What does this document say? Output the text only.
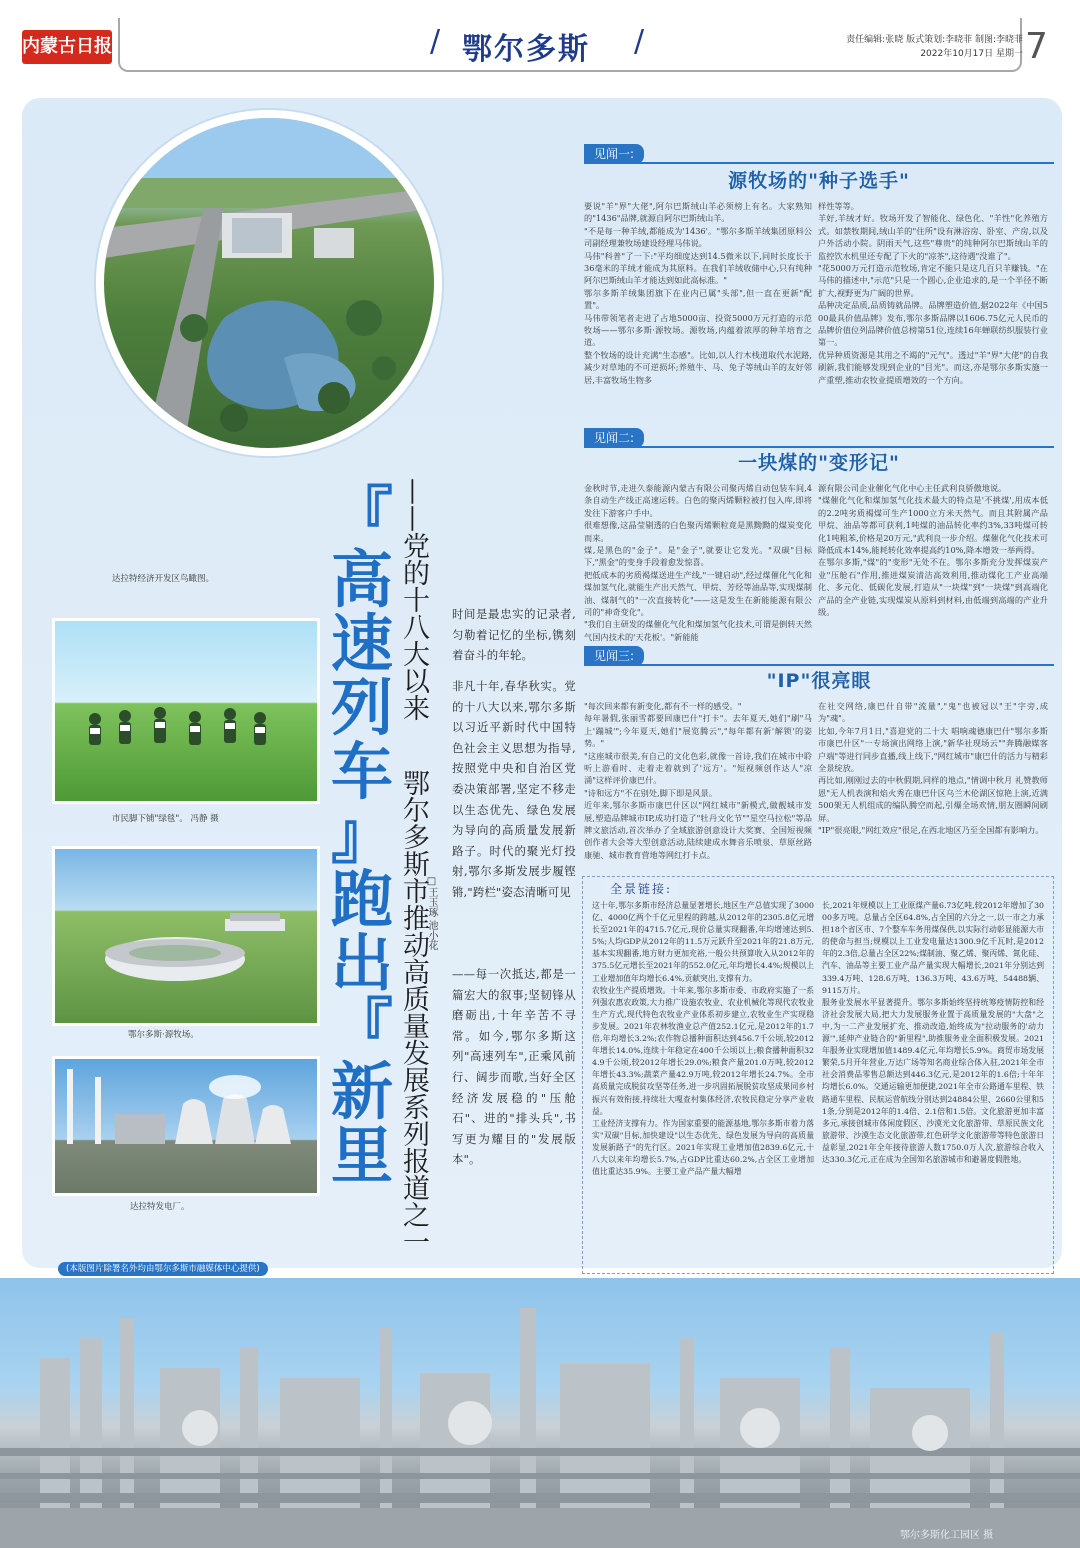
内蒙古日报	/ 鄂尔多斯 /	责任编辑:张晓 版式策划:李晓菲 制图:李晓菲
2022年10月17日 星期一 7
达拉特经济开发区鸟瞰图。
市民脚下铺"绿毯"。 冯静 摄
鄂尔多斯·源牧场。
达拉特发电厂。
『
高
速
列
车
』
跑
出
『
新
里
——党的十八大以来
鄂尔多斯市推动高质量发展系列报道之一
□王玉琢 池小花
时间是最忠实的记录者,匀勒着记忆的坐标,镌刻着奋斗的年轮。
非凡十年,春华秋实。党的十八大以来,鄂尔多斯以习近平新时代中国特色社会主义思想为指导,按照党中央和自治区党委决策部署,坚定不移走以生态优先、绿色发展为导向的高质量发展新路子。时代的聚光灯投射,鄂尔多斯发展步履铿锵,"跨栏"姿态清晰可见
——每一次抵达,都是一篇宏大的叙事;坚韧锋从磨砺出,十年辛苦不寻常。如今,鄂尔多斯这列"高速列车",正乘风前行、阔步而歌,当好全区经济发展稳的"压舱石"、进的"排头兵",书写更为耀目的"发展版本"。
见闻一:
源牧场的"种子选手"
要说"羊"界"大佬",阿尔巴斯绒山羊必须榜上有名。大家熟知的"1436"品牌,就源自阿尔巴斯绒山羊。
"不是每一种羊绒,都能成为'1436'。"鄂尔多斯羊绒集团原料公司副经理兼牧场建设经理马伟说。
马伟"科普"了一下:"平均细度达到14.5微米以下,同时长度长于36毫米的羊绒才能成为其原料。在我们羊绒收储中心,只有纯种阿尔巴斯绒山羊才能达到如此高标准。"
鄂尔多斯羊绒集团旗下在业内已属"头部",但一直在更新"配置"。
马伟带领笔者走进了占地5000亩、投资5000万元打造的示范牧场——鄂尔多斯·源牧场。源牧场,内蕴着浓厚的种羊培育之道。
整个牧场的设计充满"生态感"。比如,以人行木栈道取代水泥路,减少对草地的不可逆损坏;养殖牛、马、兔子等绒山羊的友好邻居,丰富牧场生物多
样性等等。
羊好,羊绒才好。牧场开发了智能化、绿色化、"羊性"化养殖方式。如禁牧期间,绒山羊的"住所"设有淋浴房、卧室、产房,以及户外活动小院。阴雨天气,这些"尊贵"的纯种阿尔巴斯绒山羊的监控饮水机里还专配了下火的"凉茶",这待遇"没谁了"。
"花5000万元打造示范牧场,肯定不能只是这几百只羊赚钱。"在马伟的描述中,"示范"只是一个圆心,企业追求的,是一个半径不断扩大,视野更为广阔的世界。
品种决定品质,品质铸就品牌。品牌塑造价值,据2022年《中国500最具价值品牌》发布,鄂尔多斯品牌以1606.75亿元人民币的品牌价值位列品牌价值总榜第51位,连续16年蝉联纺织服装行业第一。
优异种质资源是其用之不竭的"元气"。透过"羊"界"大佬"的自我刷新,我们能够发现到企业的"目光"。而这,亦是鄂尔多斯实施一产重塑,推动农牧业提质增效的一个方向。
见闻二:
一块煤的"变形记"
金秋时节,走进久泰能源内蒙古有限公司聚丙烯自动包装车间,4条自动生产线正高速运转。白色的聚丙烯颗粒被打包入库,即将发往下游客户手中。
很难想像,这晶莹剔透的白色聚丙烯颗粒竟是黑黝黝的煤炭变化而来。
煤,是黑色的"金子"。是"金子",就要让它发光。"双碳"目标下,"黑金"的变身手段着愈发惊喜。
把低成本的劣质褐煤送进生产线,"一键启动",经过煤催化气化和煤加氢气化,就能生产出天然气、甲烷、芳烃等油品等,实现煤制油、煤制气的"一次直接转化"——这是发生在新能能源有限公司的"神奇变化"。
"我们自主研发的煤催化气化和煤加氢气化技术,可谓是倒转天然气国内技术的'天花板'。"新能能
源有限公司企业催化气化中心主任武利良骄傲地说。
"煤催化气化和煤加氢气化技术最大的特点是'不挑煤',用成本低的2.2吨劣质褐煤可生产1000立方米天然气。而且其附属产品甲烷、油品等都可获利,1吨煤的油品转化率约3%,33吨煤可转化1吨粗苯,价格是20万元,"武利良一步介绍。煤催化气化技术可降低成本14%,能耗转化效率提高约10%,降本增效一举两得。
在鄂尔多斯,"煤"的"变形"无处不在。鄂尔多斯充分发挥煤炭产业"压舱石"作用,推进煤炭清洁高效利用,推动煤化工产业高端化、多元化、低碳化发展,打造从"一块煤"到"一块煤"到高端化产品的全产业链,实现煤炭从原料到材料,由低端到高端的产业升级。
见闻三:
"IP"很亮眼
"每次回来都有新变化,都有不一样的感受。"
每年暑假,张丽雪都要回康巴什"打卡"。去年夏天,她们"刷"马上'蹦城'";今年夏天,她们"展览腾云","每年都有新'解锁'的姿势。"
"这座城市很美,有自己的文化色彩,就像一首诗,我们在城市中聆听上游看时、走着走着就到了'远方'。"短视频创作达人"凉涌"这样评价康巴什。
"诗和远方"不在别处,脚下即是风景。
近年来,鄂尔多斯市康巴什区以"网红城市"新模式,做靓城市发展,塑造品牌城市IP,成功打造了"牡丹文化节""星空马拉松"等品牌文旅活动,首次举办了全域旅游创意设计大奖赛、全国短视频创作者大会等大型创意活动,陆续建成水舞音乐喷泉、草原丝路康驰、城市教育营地等网红打卡点。
在社交网络,康巴什自带"流量","鬼"也被冠以"王"字旁,成为"魂"。
比如,今年7月1日,"喜迎党的二十大 唱响魂德康巴什"鄂尔多斯市康巴什区"一专场演出网络上演,"新华社现场云""奔腾融媒客户端"等进行同步直播,线上线下,"网红城市"康巴什的活力与精彩全景绽放。
再比如,刚刚过去的中秋假期,同样的地点,"情调中秋月 礼赞教师恩"无人机表演和焰火秀在康巴什区乌兰木伦湖区惊艳上演,近满500架无人机组成的编队腾空而起,引爆全场欢情,朋友圈瞬间刷屏。
"IP"很亮眼,"网红效应"很足,在西北地区乃至全国都有影响力。
全景链接:
这十年,鄂尔多斯市经济总量显著增长,地区生产总值实现了3000亿、4000亿两个千亿元里程的跨越,从2012年的2305.8亿元增长至2021年的4715.7亿元,现价总量实现翻番,年均增速达到5.5%;人均GDP从2012年的11.5万元跃升至2021年的21.8万元,基本实现翻番,地方财力更加充裕,一般公共预算收入从2012年的375.5亿元增长至2021年的552.0亿元,年均增长4.4%;规模以上工业增加值年均增长6.4%,贡献突出,支撑有力。
农牧业生产提质增效。十年来,鄂尔多斯市委、市政府实施了一系列强农惠农政策,大力推广设施农牧业、农业机械化等现代农牧业生产方式,现代特色农牧业产业体系初步建立,农牧业生产实现稳步发展。2021年农林牧渔业总产值252.1亿元,是2012年的1.7倍,年均增长3.2%;农作物总播种面积达到456.7千公顷,较2012年增长14.0%,连续十年稳定在400千公顷以上;粮食播种面积324.9千公顷,较2012年增长29.0%;粮食产量201.0万吨,较2012年增长43.3%;蔬菜产量42.9万吨,较2012年增长24.7%。全市高质量完成脱贫攻坚等任务,进一步巩固拓展脱贫攻坚成果同乡村振兴有效衔接,持续壮大嘎查村集体经济,农牧民稳定分享产业收益。
工业经济支撑有力。作为国家重要的能源基地,鄂尔多斯市着力落实"双碳"目标,加快建设"以生态优先、绿色发展为导向的高质量发展新路子"的先行区。2021年实现工业增加值2839.6亿元,十八大以来年均增长5.7%,占GDP比重达60.2%,占全区工业增加值比重达35.9%。主要工业产品产量大幅增
长,2021年规模以上工业原煤产量6.73亿吨,较2012年增加了3000多万吨。总量占全区64.8%,占全国的六分之一,以一市之力承担18个省区市、7个整车车务用煤保供,以实际行动彰显能源大市的使命与担当;规模以上工业发电量达1300.9亿千瓦时,是2012年的2.3倍,总量占全区22%;煤制油、聚乙烯、聚丙烯、氮化硅、汽车、油品等主要工业产品产量实现大幅增长,2021年分别达到339.4万吨、128.6万吨、136.3万吨、43.6万吨、54488辆、9115万片。
服务业发展水平显著提升。鄂尔多斯始终坚持统筹疫情防控和经济社会发展大局,把大力发展服务业置于高质量发展的"大盘"之中,为一二产业发展扩充、推动改造,始终成为"拉动服务的'动力源'",延伸产业链合的"新里程",助推服务业全面积极发展。2021年服务业实现增加值1489.4亿元,年均增长5.9%。商贸市场发展繁荣,5月开年营业,万达广场等知名商业综合体入驻,2021年全市社会消费品零售总额达到446.3亿元,是2012年的1.6倍;十年年均增长6.0%。交通运输更加便捷,2021年全市公路通车里程、铁路通车里程、民航运营航线分别达到24884公里、2660公里和51条,分别是2012年的1.4倍、2.1倍和1.5倍。文化旅游更加丰富多元,承接创城市体闲度假区、沙漠光文化旅游带、草原民族文化旅游带、沙漠生态文化旅游带,红色研学文化旅游带等特色旅游日益彰显,2021年全年接待旅游人数1750.0万人次,旅游综合收入达330.3亿元,正在成为全国知名旅游城市和避暑度假胜地。
(本版图片除署名外均由鄂尔多斯市融媒体中心提供)
鄂尔多斯化工园区 摄
